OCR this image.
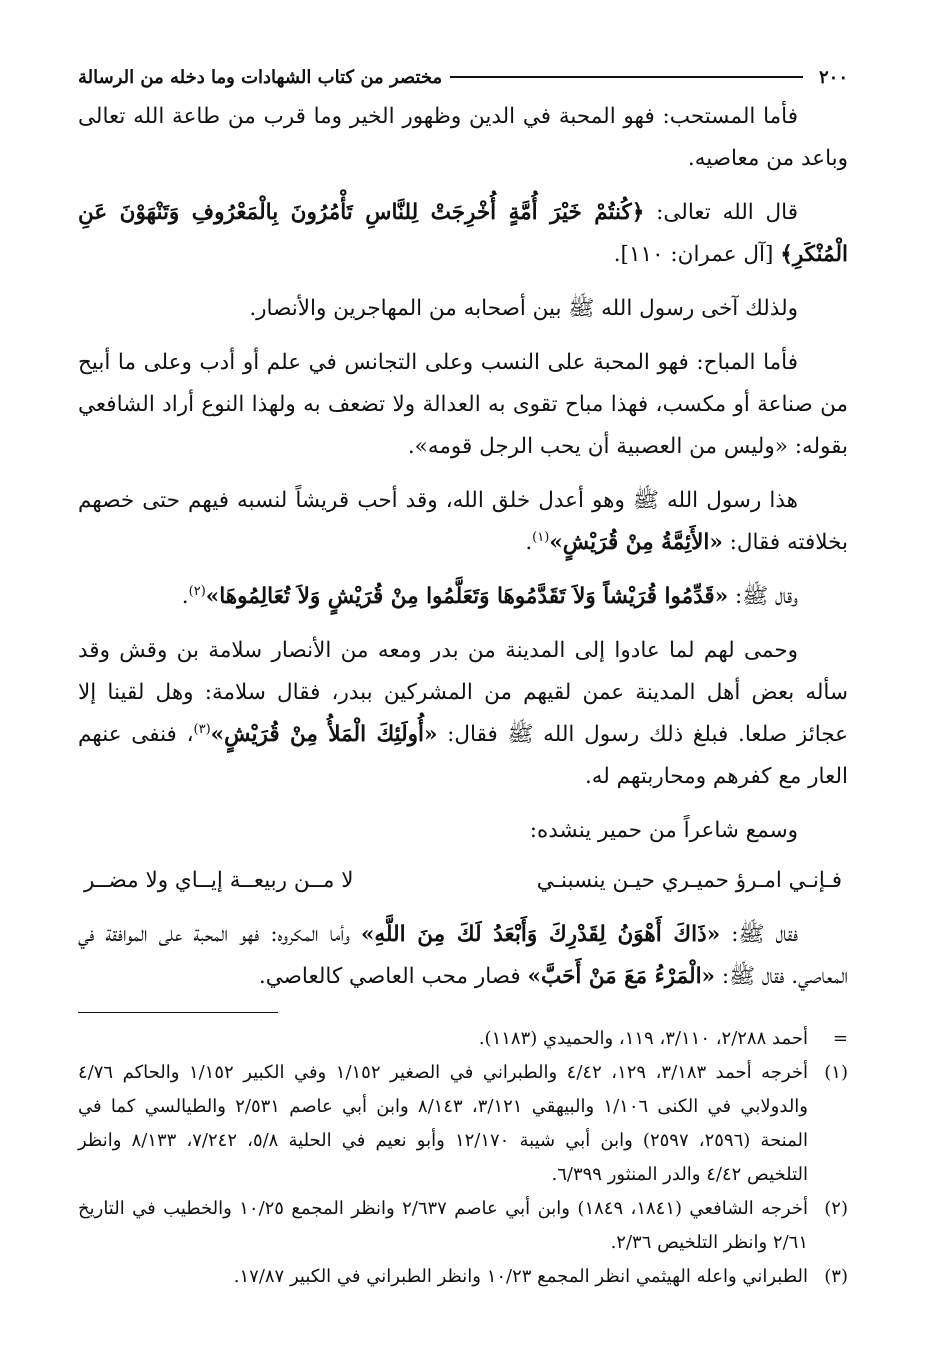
٢٠٠
مختصر من كتاب الشهادات وما دخله من الرسالة

فأما المستحب: فهو المحبة في الدين وظهور الخير وما قرب من طاعة الله تعالى وباعد من معاصيه.

قال الله تعالى: ﴿كُنتُمْ خَيْرَ أُمَّةٍ أُخْرِجَتْ لِلنَّاسِ تَأْمُرُونَ بِالْمَعْرُوفِ وَتَنْهَوْنَ عَنِ الْمُنْكَرِ﴾ [آل عمران: ١١٠].

ولذلك آخى رسول الله ﷺ بين أصحابه من المهاجرين والأنصار.

فأما المباح: فهو المحبة على النسب وعلى التجانس في علم أو أدب وعلى ما أبيح من صناعة أو مكسب، فهذا مباح تقوى به العدالة ولا تضعف به ولهذا النوع أراد الشافعي بقوله: «وليس من العصبية أن يحب الرجل قومه».

هذا رسول الله ﷺ وهو أعدل خلق الله، وقد أحب قريشاً لنسبه فيهم حتى خصهم بخلافته فقال: «الأَئِمَّةُ مِنْ قُرَيْشٍ»$^{(١)}$.

وقال ﷺ: «قَدِّمُوا قُرَيْشاً وَلاَ تَقَدَّمُوهَا وَتَعَلَّمُوا مِنْ قُرَيْشٍ وَلاَ تُعَالِمُوهَا»$^{(٢)}$.

وحمى لهم لما عادوا إلى المدينة من بدر ومعه من الأنصار سلامة بن وقش وقد سأله بعض أهل المدينة عمن لقيهم من المشركين ببدر، فقال سلامة: وهل لقينا إلا عجائز صلعا. فبلغ ذلك رسول الله ﷺ فقال: «أُولَئِكَ الْمَلأُ مِنْ قُرَيْشٍ»$^{(٣)}$، فنفى عنهم العار مع كفرهم ومحاربتهم له.

وسمع شاعراً من حمير ينشده:

فـإنـي امـرؤ حميـري حيـن ينسبنـي
لا مــن ربيعــة إيــاي ولا مضــر

فقال ﷺ: «ذَاكَ أَهْوَنُ لِقَدْرِكَ وَأَبْعَدُ لَكَ مِنَ اللَّهِ» وأما المكروه: فهو المحبة على الموافقة في المعاصي. فقال ﷺ: «الْمَرْءُ مَعَ مَنْ أَحَبَّ» فصار محب العاصي كالعاصي.

=
أحمد ٢/٢٨٨، ٣/١١٠، ١١٩، والحميدي (١١٨٣).
(١)
أخرجه أحمد ٣/١٨٣، ١٢٩، ٤/٤٢ والطبراني في الصغير ١/١٥٢ وفي الكبير ١/١٥٢ والحاكم ٤/٧٦ والدولابي في الكنى ١/١٠٦ والبيهقي ٣/١٢١، ٨/١٤٣ وابن أبي عاصم ٢/٥٣١ والطيالسي كما في المنحة (٢٥٩٦، ٢٥٩٧) وابن أبي شيبة ١٢/١٧٠ وأبو نعيم في الحلية ٥/٨، ٧/٢٤٢، ٨/١٣٣ وانظر التلخيص ٤/٤٢ والدر المنثور ٦/٣٩٩.
(٢)
أخرجه الشافعي (١٨٤١، ١٨٤٩) وابن أبي عاصم ٢/٦٣٧ وانظر المجمع ١٠/٢٥ والخطيب في التاريخ ٢/٦١ وانظر التلخيص ٢/٣٦.
(٣)
الطبراني واعله الهيثمي انظر المجمع ١٠/٢٣ وانظر الطبراني في الكبير ١٧/٨٧.
